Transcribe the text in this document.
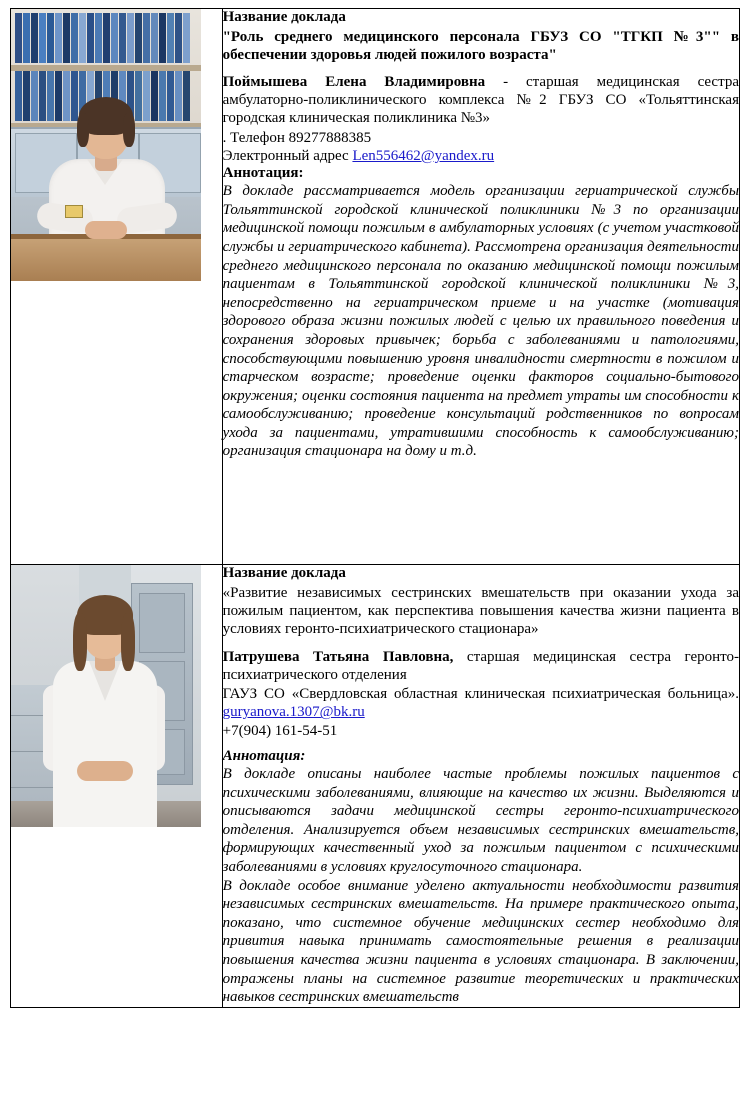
Название доклада
"Роль среднего медицинского персонала ГБУЗ СО "ТГКП №3"" в обеспечении здоровья людей пожилого возраста"
Поймышева Елена Владимировна - старшая медицинская сестра амбулаторно-поликлинического комплекса №2 ГБУЗ СО «Тольяттинская городская клиническая поликлиника №3»
. Телефон 89277888385
Электронный адрес Len556462@yandex.ru
Аннотация:
В докладе рассматривается модель организации гериатрической службы Тольяттинской городской клинической поликлиники №3 по организации медицинской помощи пожилым в амбулаторных условиях (с учетом участковой службы и гериатрического кабинета). Рассмотрена организация деятельности среднего медицинского персонала по оказанию медицинской помощи пожилым пациентам в Тольяттинской городской клинической поликлиники №3, непосредственно на гериатрическом приеме и на участке (мотивация здорового образа жизни пожилых людей с целью их правильного поведения и сохранения здоровых привычек; борьба с заболеваниями и патологиями, способствующими повышению уровня инвалидности смертности в пожилом и старческом возрасте; проведение оценки факторов социально-бытового окружения; оценки состояния пациента на предмет утраты им способности к самообслуживанию; проведение консультаций родственников по вопросам ухода за пациентами, утратившими способность к самообслуживанию; организация стационара на дому и т.д.

Название доклада
«Развитие независимых сестринских вмешательств при оказании ухода за пожилым пациентом, как перспектива повышения качества жизни пациента в условиях геронто-психиатрического стационара»
Патрушева Татьяна Павловна, старшая медицинская сестра геронто-психиатрического отделения
ГАУЗ СО «Свердловская областная клиническая психиатрическая больница». guryanova.1307@bk.ru
+7(904) 161-54-51
Аннотация:
В докладе описаны наиболее частые проблемы пожилых пациентов с психическими заболеваниями, влияющие на качество их жизни. Выделяются и описываются задачи медицинской сестры геронто-психиатрического отделения. Анализируется объем независимых сестринских вмешательств, формирующих качественный уход за пожилым пациентом с психическими заболеваниями в условиях круглосуточного стационара.
В докладе особое внимание уделено актуальности необходимости развития независимых сестринских вмешательств. На примере практического опыта, показано, что системное обучение медицинских сестер необходимо для привития навыка принимать самостоятельные решения в реализации повышения качества жизни пациента в условиях стационара. В заключении, отражены планы на системное развитие теоретических и практических навыков сестринских вмешательств
